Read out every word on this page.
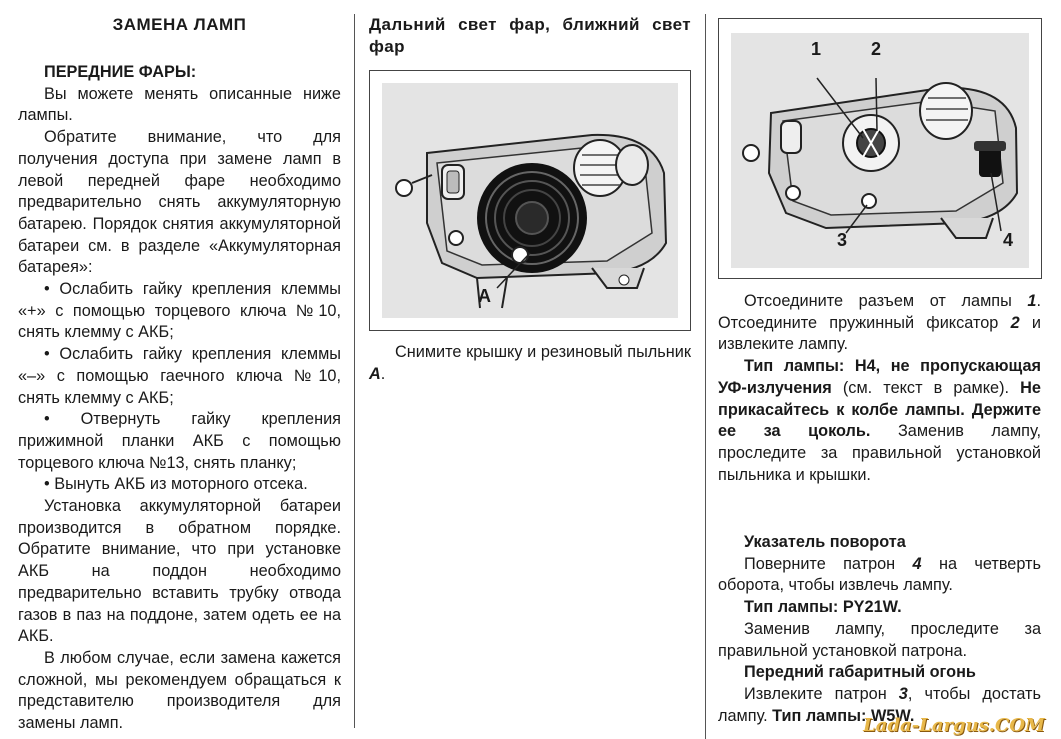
ЗАМЕНА ЛАМП

ПЕРЕДНИЕ ФАРЫ:

Вы можете менять описанные ниже лампы.

Обратите внимание, что для получения доступа при замене ламп в левой передней фаре необходимо предварительно снять аккумуляторную батарею. Порядок снятия аккумуляторной батареи см. в разделе «Аккумуляторная батарея»:

• Ослабить гайку крепления клеммы «+» с помощью торцевого ключа №10, снять клемму с АКБ;

• Ослабить гайку крепления клеммы «–» с помощью гаечного ключа №10, снять клемму с АКБ;

• Отвернуть гайку крепления прижимной планки АКБ с помощью торцевого ключа №13, снять планку;

• Вынуть АКБ из моторного отсека.

Установка аккумуляторной батареи производится в обратном порядке. Обратите внимание, что при установке АКБ на поддон необходимо предварительно вставить трубку отвода газов в паз на поддоне, затем одеть ее на АКБ.

В любом случае, если замена кажется сложной, мы рекомендуем обращаться к представителю производителя для замены ламп.

Дальний свет фар, ближний свет фар

A

Снимите крышку и резиновый пыльник A.

1	2
3	4

Отсоедините разъем от лампы 1. Отсоедините пружинный фиксатор 2 и извлеките лампу.

Тип лампы: Н4, не пропускающая УФ-излучения (см. текст в рамке). Не прикасайтесь к колбе лампы. Держите ее за цоколь. Заменив лампу, проследите за правильной установкой пыльника и крышки.

Указатель поворота

Поверните патрон 4 на четверть оборота, чтобы извлечь лампу.

Тип лампы: PY21W.

Заменив лампу, проследите за правильной установкой патрона.

Передний габаритный огонь

Извлеките патрон 3, чтобы достать лампу. Тип лампы: W5W.

Lada-Largus.COM
